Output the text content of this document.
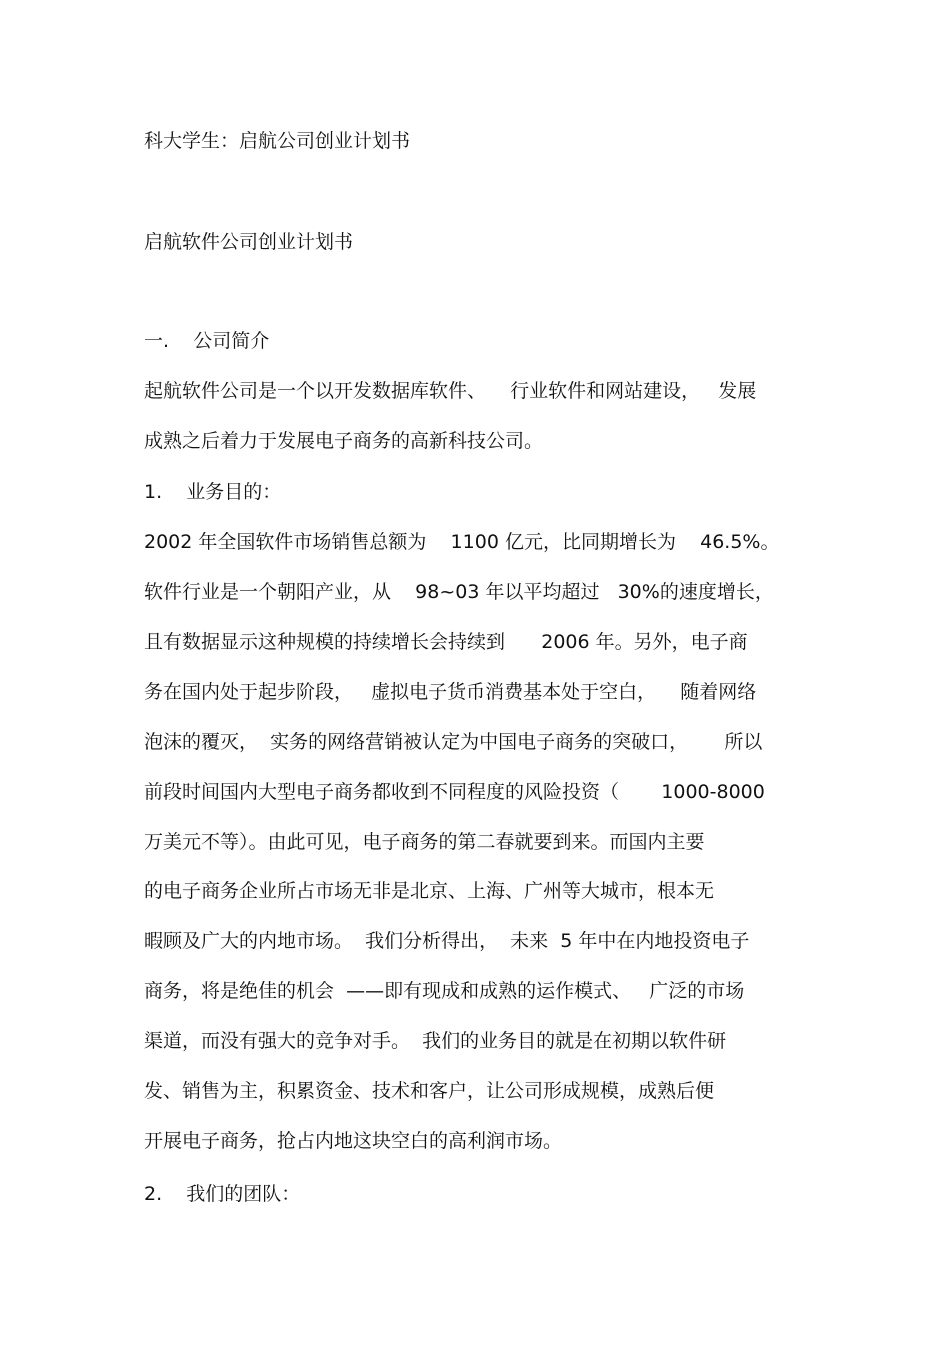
科大学生：启航公司创业计划书
启航软件公司创业计划书
一.    公司简介
起航软件公司是一个以开发数据库软件、    行业软件和网站建设，   发展
成熟之后着力于发展电子商务的高新科技公司。
1.    业务目的：
2002 年全国软件市场销售总额为    1100 亿元，比同期增长为    46.5%。
软件行业是一个朝阳产业，从    98~03 年以平均超过   30%的速度增长，
且有数据显示这种规模的持续增长会持续到      2006 年。另外，电子商
务在国内处于起步阶段，   虚拟电子货币消费基本处于空白，    随着网络
泡沫的覆灭，  实务的网络营销被认定为中国电子商务的突破口，      所以
前段时间国内大型电子商务都收到不同程度的风险投资（       1000-8000
万美元不等）。由此可见，电子商务的第二春就要到来。而国内主要
的电子商务企业所占市场无非是北京、上海、广州等大城市，根本无
暇顾及广大的内地市场。  我们分析得出，  未来  5 年中在内地投资电子
商务，将是绝佳的机会  ——即有现成和成熟的运作模式、   广泛的市场
渠道，而没有强大的竞争对手。  我们的业务目的就是在初期以软件研
发、销售为主，积累资金、技术和客户，让公司形成规模，成熟后便
开展电子商务，抢占内地这块空白的高利润市场。
2.    我们的团队：
